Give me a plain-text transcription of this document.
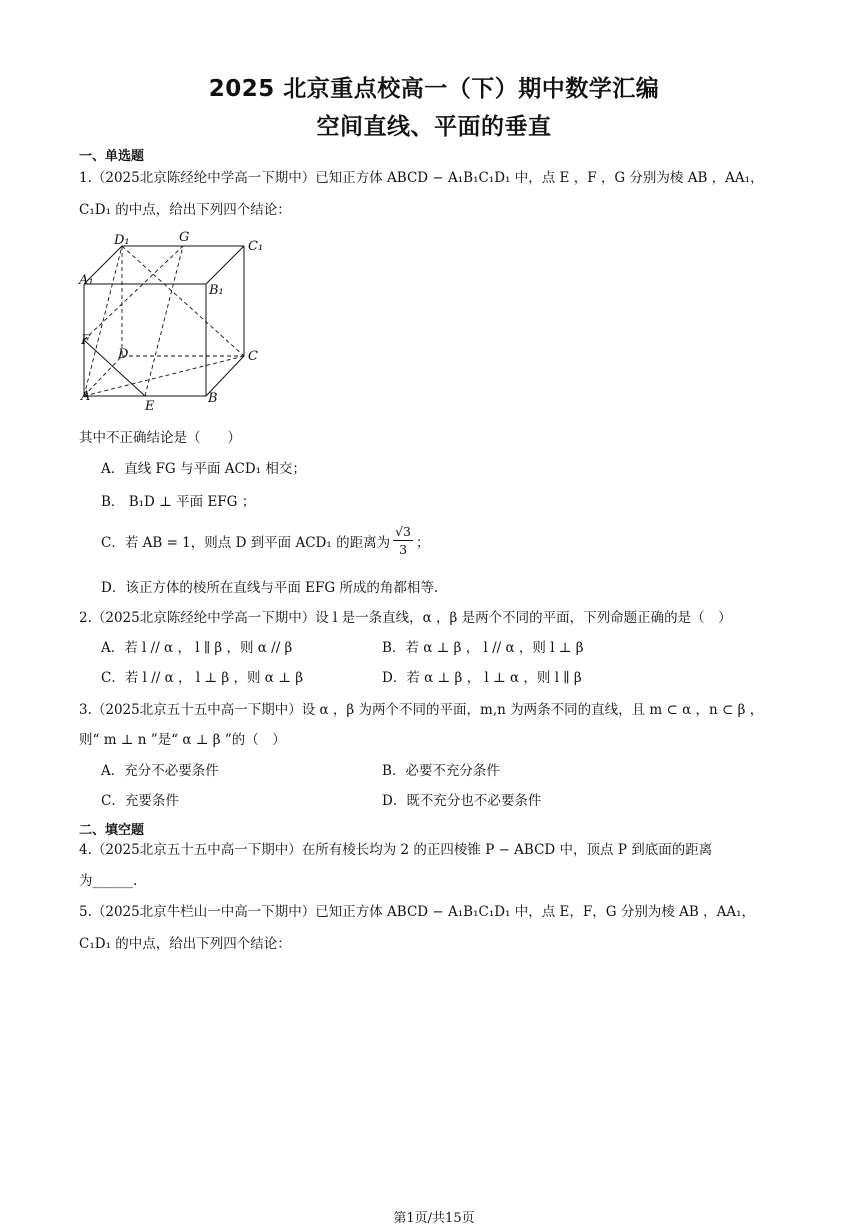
2025 北京重点校高一（下）期中数学汇编
空间直线、平面的垂直
一、单选题
1.（2025北京陈经纶中学高一下期中）已知正方体 ABCD − A₁B₁C₁D₁ 中，点 E ，F ，G 分别为棱 AB ，AA₁，
C₁D₁ 的中点，给出下列四个结论：
D₁	G
C₁
A₁
B₁
F
D	C
A
E
B
其中不正确结论是（　　）
A．直线 FG 与平面 ACD₁ 相交；
B． B₁D ⊥ 平面 EFG ；
C．若 AB = 1，则点 D 到平面 ACD₁ 的距离为 $\frac{√3}{3}$ ；
D．该正方体的棱所在直线与平面 EFG 所成的角都相等.
2.（2025北京陈经纶中学高一下期中）设 l 是一条直线，α ，β 是两个不同的平面，下列命题正确的是（　）
A．若 l // α ， l ∥ β ，则 α // β	B．若 α ⊥ β ， l // α ，则 l ⊥ β
C．若 l // α ， l ⊥ β ，则 α ⊥ β	D．若 α ⊥ β ， l ⊥ α ，则 l ∥ β
3.（2025北京五十五中高一下期中）设 α ，β 为两个不同的平面，m,n 为两条不同的直线，且 m ⊂ α ，n ⊂ β ，
则“ m ⊥ n ”是“ α ⊥ β ”的（　）
A．充分不必要条件	B．必要不充分条件
C．充要条件	D．既不充分也不必要条件
二、填空题
4.（2025北京五十五中高一下期中）在所有棱长均为 2 的正四棱锥 P − ABCD 中，顶点 P 到底面的距离
为______.
5.（2025北京牛栏山一中高一下期中）已知正方体 ABCD − A₁B₁C₁D₁ 中，点 E，F，G 分别为棱 AB ，AA₁，
C₁D₁ 的中点，给出下列四个结论：
第1页/共15页
